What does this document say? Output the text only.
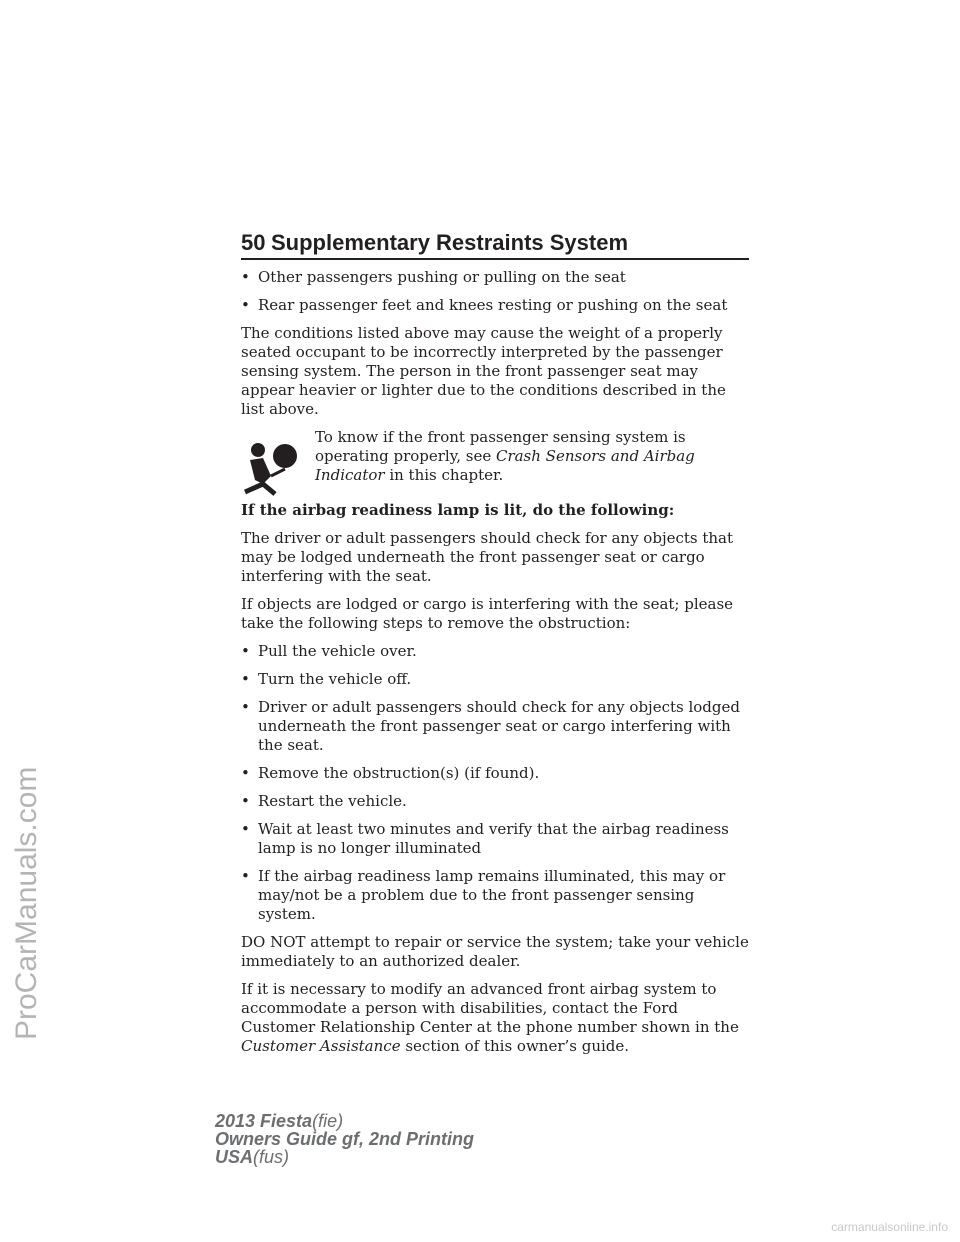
50 Supplementary Restraints System
• Other passengers pushing or pulling on the seat
• Rear passenger feet and knees resting or pushing on the seat

The conditions listed above may cause the weight of a properly seated occupant to be incorrectly interpreted by the passenger sensing system. The person in the front passenger seat may appear heavier or lighter due to the conditions described in the list above.

To know if the front passenger sensing system is operating properly, see Crash Sensors and Airbag Indicator in this chapter.

If the airbag readiness lamp is lit, do the following:

The driver or adult passengers should check for any objects that may be lodged underneath the front passenger seat or cargo interfering with the seat.

If objects are lodged or cargo is interfering with the seat; please take the following steps to remove the obstruction:

• Pull the vehicle over.
• Turn the vehicle off.
• Driver or adult passengers should check for any objects lodged underneath the front passenger seat or cargo interfering with the seat.
• Remove the obstruction(s) (if found).
• Restart the vehicle.
• Wait at least two minutes and verify that the airbag readiness lamp is no longer illuminated
• If the airbag readiness lamp remains illuminated, this may or may/not be a problem due to the front passenger sensing system.

DO NOT attempt to repair or service the system; take your vehicle immediately to an authorized dealer.

If it is necessary to modify an advanced front airbag system to accommodate a person with disabilities, contact the Ford Customer Relationship Center at the phone number shown in the Customer Assistance section of this owner’s guide.

2013 Fiesta(fie)
Owners Guide gf, 2nd Printing
USA(fus)
ProCarManuals.com
carmanualsonline.info
